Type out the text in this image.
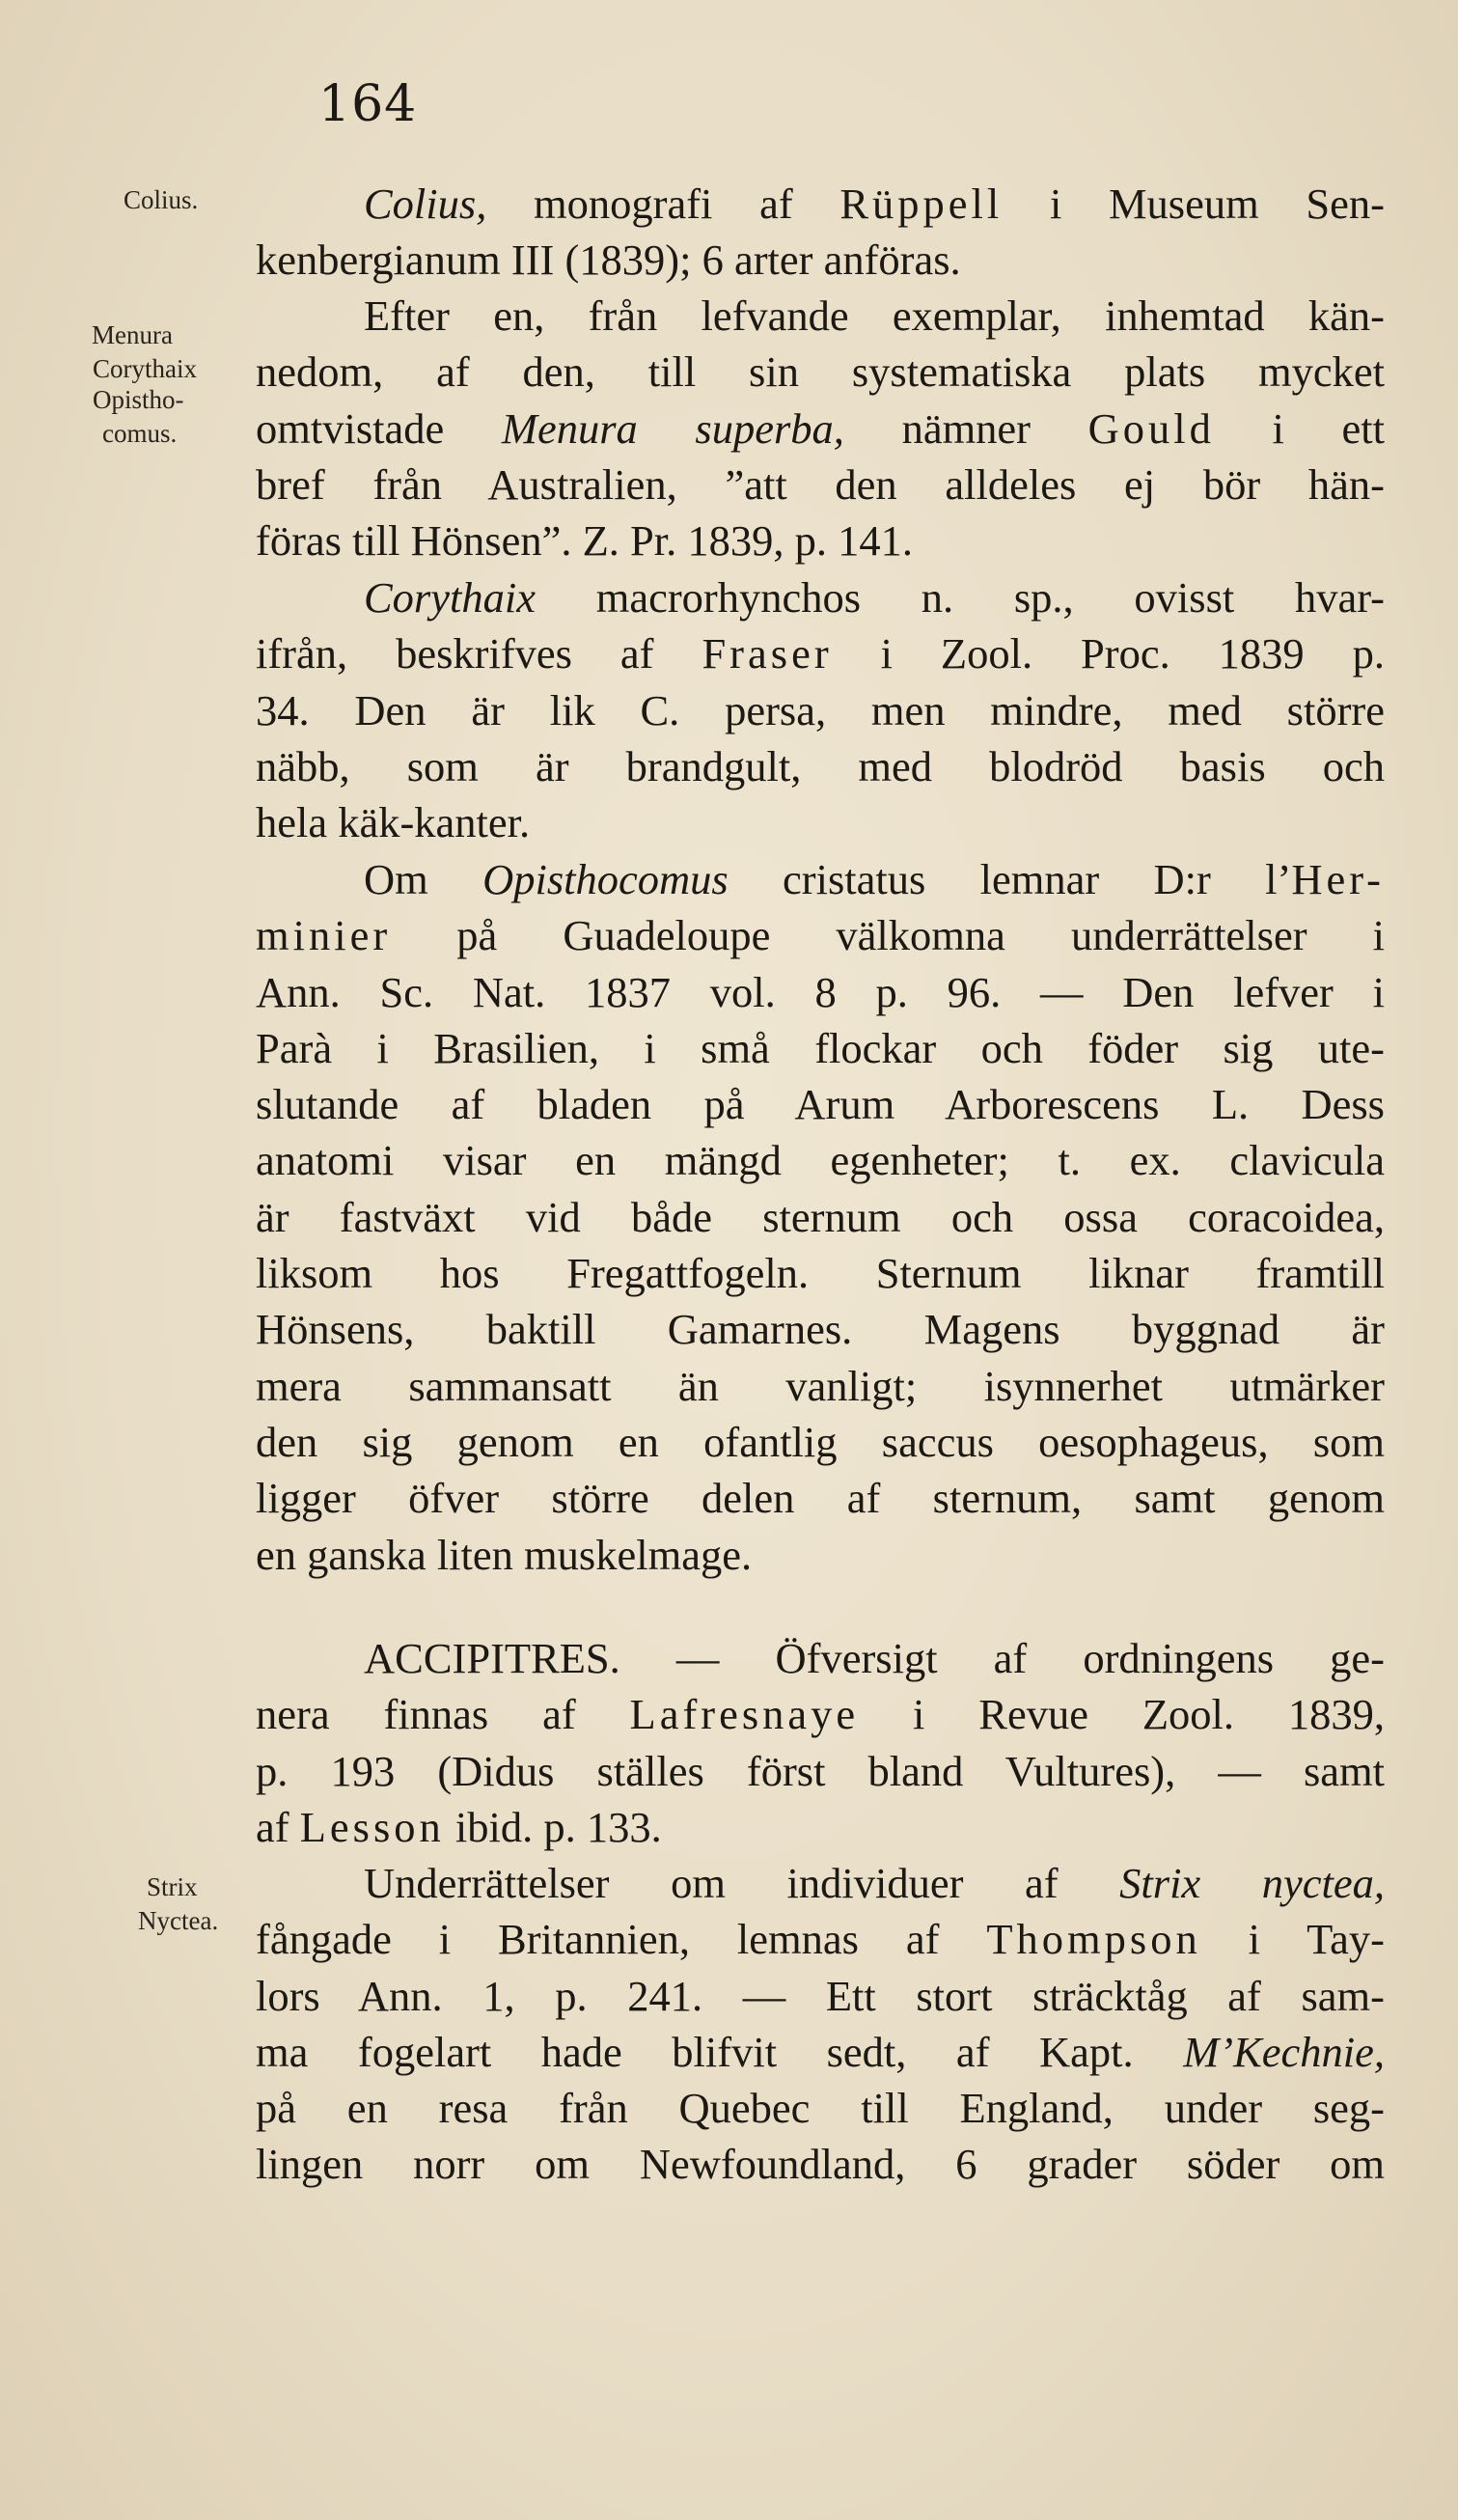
164
Colius.
Menura
Corythaix Opistho-
comus.
Strix
Nyctea.
Colius, monografi af Rüppell i Museum Sen-
kenbergianum III (1839); 6 arter anföras.
Efter en, från lefvande exemplar, inhemtad kän-
nedom, af den, till sin systematiska plats mycket
omtvistade Menura superba, nämner Gould i ett
bref från Australien, ”att den alldeles ej bör hän-
föras till Hönsen”. Z. Pr. 1839, p. 141.
Corythaix macrorhynchos n. sp., ovisst hvar-
ifrån, beskrifves af Fraser i Zool. Proc. 1839 p.
34. Den är lik C. persa, men mindre, med större
näbb, som är brandgult, med blodröd basis och
hela käk-kanter.
Om Opisthocomus cristatus lemnar D:r l’Her-
minier på Guadeloupe välkomna underrättelser i
Ann. Sc. Nat. 1837 vol. 8 p. 96. — Den lefver i
Parà i Brasilien, i små flockar och föder sig ute-
slutande af bladen på Arum Arborescens L. Dess
anatomi visar en mängd egenheter; t. ex. clavicula
är fastväxt vid både sternum och ossa coracoidea,
liksom hos Fregattfogeln. Sternum liknar framtill
Hönsens, baktill Gamarnes. Magens byggnad är
mera sammansatt än vanligt; isynnerhet utmärker
den sig genom en ofantlig saccus oesophageus, som
ligger öfver större delen af sternum, samt genom
en ganska liten muskelmage.
ACCIPITRES. — Öfversigt af ordningens ge-
nera finnas af Lafresnaye i Revue Zool. 1839,
p. 193 (Didus ställes först bland Vultures), — samt
af Lesson ibid. p. 133.
Underrättelser om individuer af Strix nyctea,
fångade i Britannien, lemnas af Thompson i Tay-
lors Ann. 1, p. 241. — Ett stort sträcktåg af sam-
ma fogelart hade blifvit sedt, af Kapt. M’Kechnie,
på en resa från Quebec till England, under seg-
lingen norr om Newfoundland, 6 grader söder om
